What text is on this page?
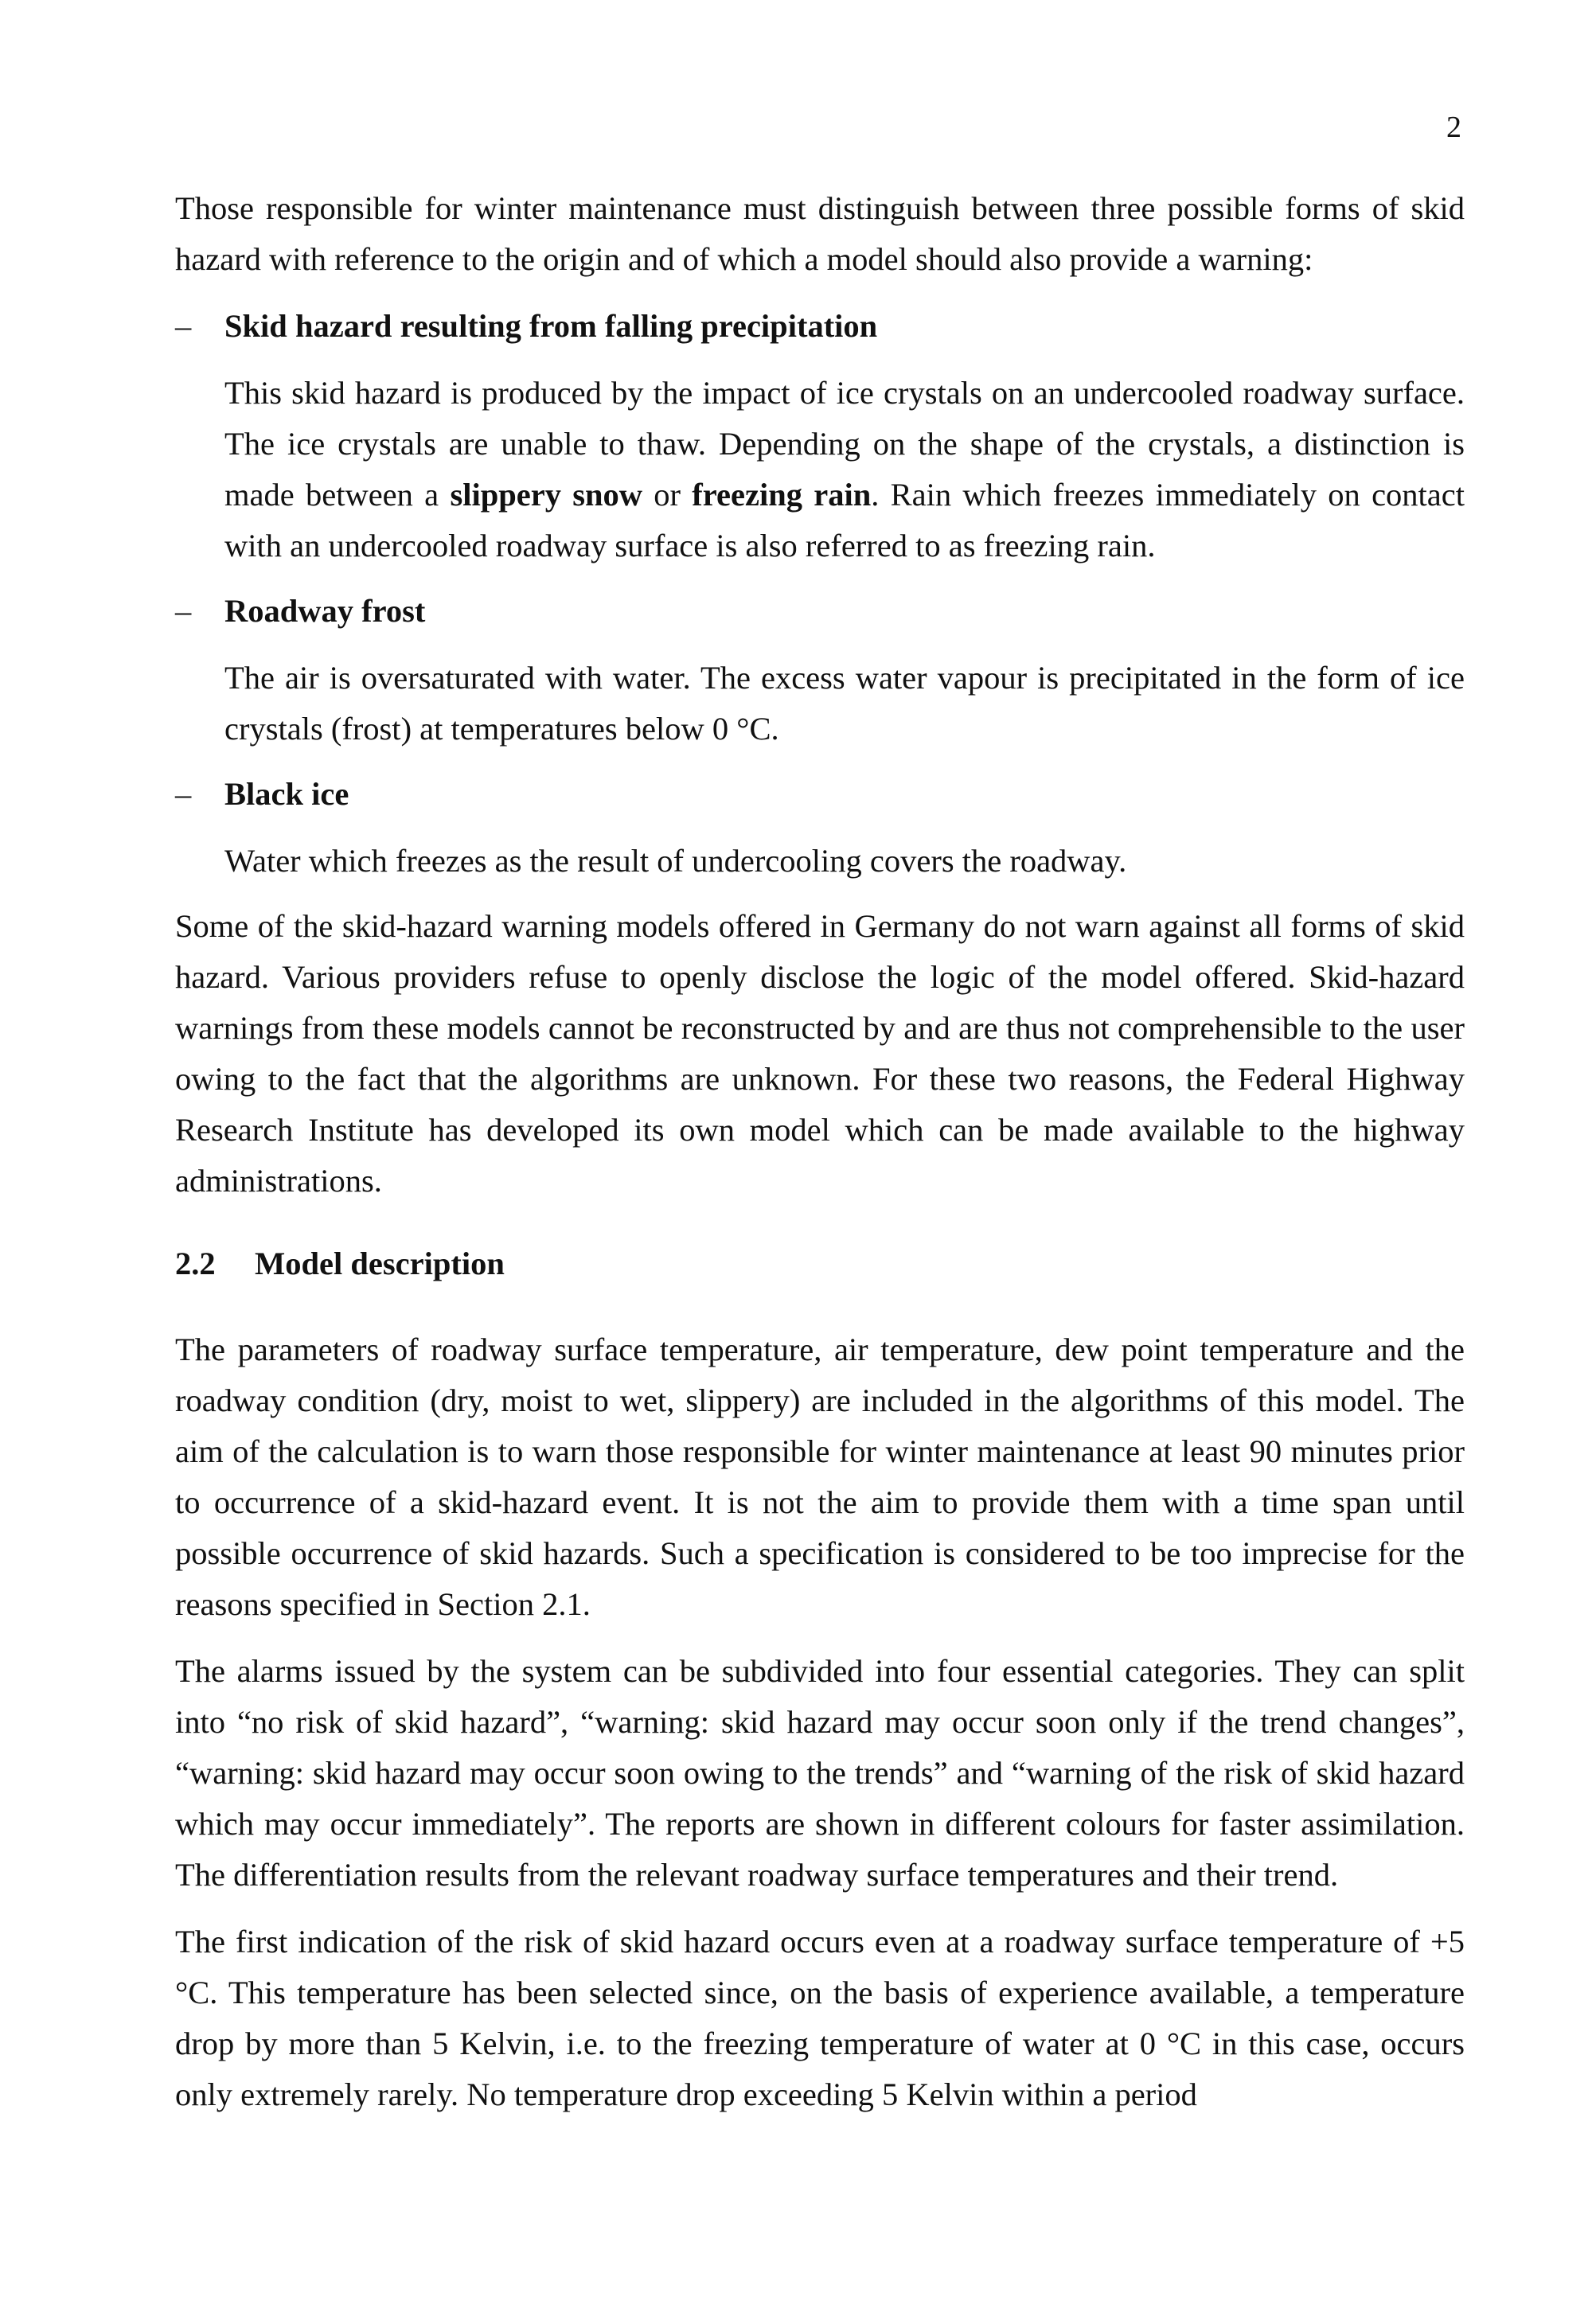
2

Those responsible for winter maintenance must distinguish between three possible forms of skid hazard with reference to the origin and of which a model should also provide a warning:

– Skid hazard resulting from falling precipitation

This skid hazard is produced by the impact of ice crystals on an undercooled roadway surface. The ice crystals are unable to thaw. Depending on the shape of the crystals, a distinction is made between a slippery snow or freezing rain. Rain which freezes immediately on contact with an undercooled roadway surface is also referred to as freezing rain.

– Roadway frost

The air is oversaturated with water. The excess water vapour is precipitated in the form of ice crystals (frost) at temperatures below 0 °C.

– Black ice

Water which freezes as the result of undercooling covers the roadway.

Some of the skid-hazard warning models offered in Germany do not warn against all forms of skid hazard. Various providers refuse to openly disclose the logic of the model offered. Skid-hazard warnings from these models cannot be reconstructed by and are thus not comprehensible to the user owing to the fact that the algorithms are unknown. For these two reasons, the Federal Highway Research Institute has developed its own model which can be made available to the highway administrations.

2.2 Model description

The parameters of roadway surface temperature, air temperature, dew point temperature and the roadway condition (dry, moist to wet, slippery) are included in the algorithms of this model. The aim of the calculation is to warn those responsible for winter maintenance at least 90 minutes prior to occurrence of a skid-hazard event. It is not the aim to provide them with a time span until possible occurrence of skid hazards. Such a specification is considered to be too imprecise for the reasons specified in Section 2.1.

The alarms issued by the system can be subdivided into four essential categories. They can split into “no risk of skid hazard”, “warning: skid hazard may occur soon only if the trend changes”, “warning: skid hazard may occur soon owing to the trends” and “warning of the risk of skid hazard which may occur immediately”. The reports are shown in different colours for faster assimilation. The differentiation results from the relevant roadway surface temperatures and their trend.

The first indication of the risk of skid hazard occurs even at a roadway surface temperature of +5 °C. This temperature has been selected since, on the basis of experience available, a temperature drop by more than 5 Kelvin, i.e. to the freezing temperature of water at 0 °C in this case, occurs only extremely rarely. No temperature drop exceeding 5 Kelvin within a period
